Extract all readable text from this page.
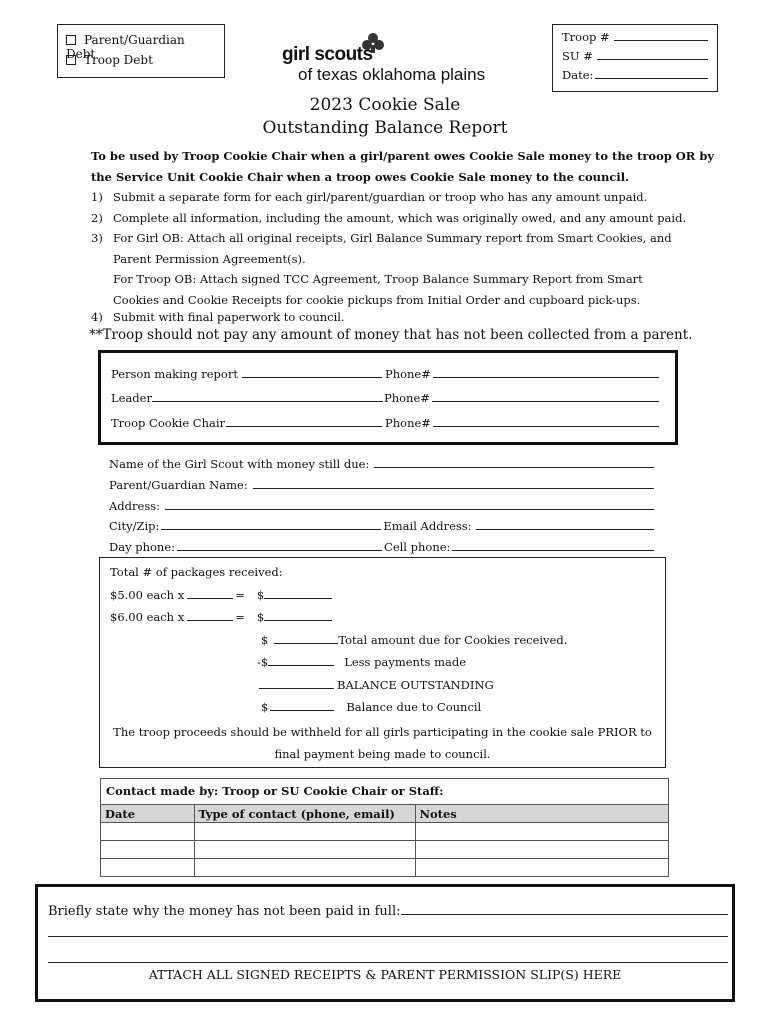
Parent/Guardian Debt
Troop Debt	girl scouts
of texas oklahoma plains
Troop #
SU #
Date:
2023 Cookie Sale
Outstanding Balance Report
To be used by Troop Cookie Chair when a girl/parent owes Cookie Sale money to the troop OR by
the Service Unit Cookie Chair when a troop owes Cookie Sale money to the council.
1) Submit a separate form for each girl/parent/guardian or troop who has any amount unpaid.
2) Complete all information, including the amount, which was originally owed, and any amount paid.
3) For Girl OB: Attach all original receipts, Girl Balance Summary report from Smart Cookies, and
Parent Permission Agreement(s).
For Troop OB: Attach signed TCC Agreement, Troop Balance Summary Report from Smart
Cookies and Cookie Receipts for cookie pickups from Initial Order and cupboard pick-ups.
4) Submit with final paperwork to council.
**Troop should not pay any amount of money that has not been collected from a parent.
Person making report	Phone#
Leader	Phone#
Troop Cookie Chair	Phone#
Name of the Girl Scout with money still due:
Parent/Guardian Name:
Address:
City/Zip:	Email Address:
Day phone:	Cell phone:
Total # of packages received:
$5.00 each x	= $
$6.00 each x	= $
$	Total amount due for Cookies received.
-$	Less payments made
BALANCE OUTSTANDING
$	Balance due to Council
The troop proceeds should be withheld for all girls participating in the cookie sale PRIOR to
final payment being made to council.
Contact made by: Troop or SU Cookie Chair or Staff:
Date	Type of contact (phone, email)	Notes

Briefly state why the money has not been paid in full:
ATTACH ALL SIGNED RECEIPTS & PARENT PERMISSION SLIP(S) HERE
